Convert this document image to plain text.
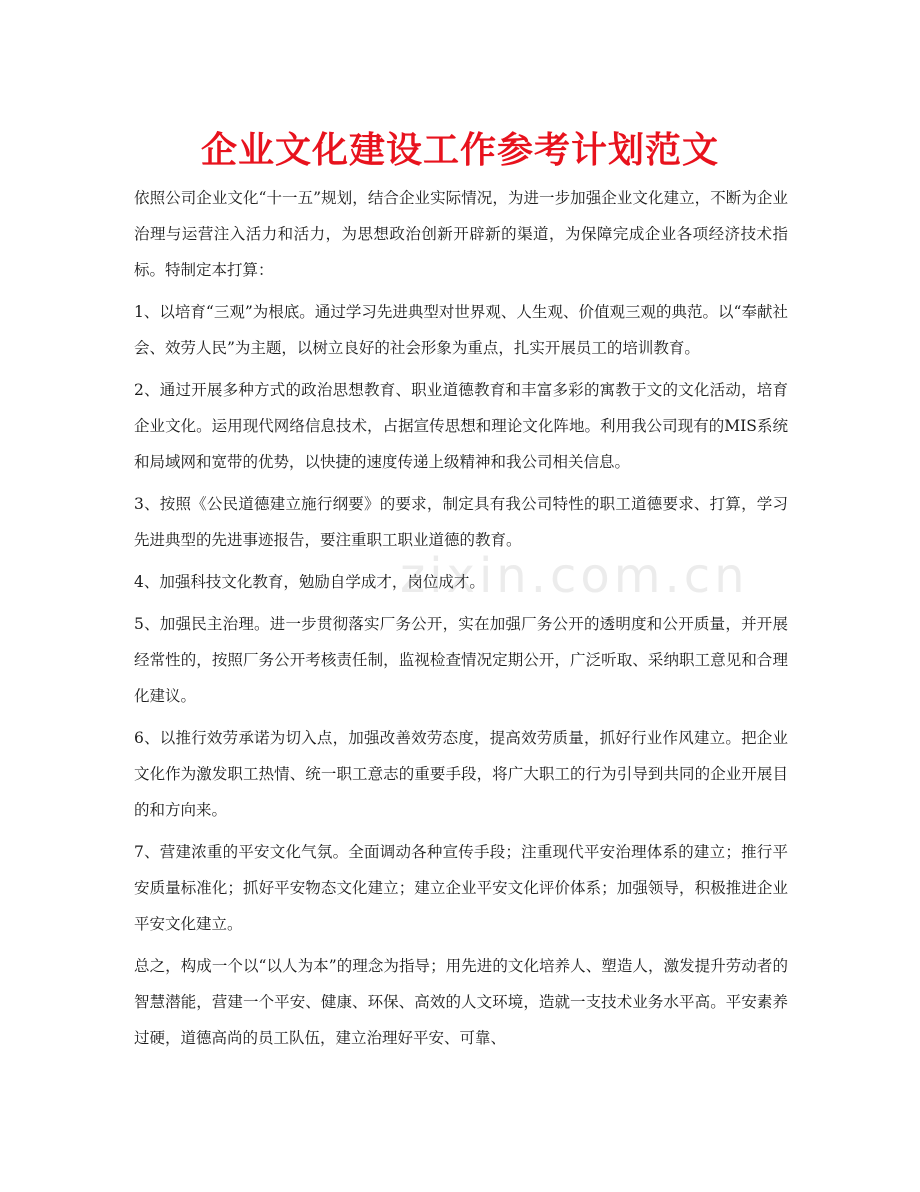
企业文化建设工作参考计划范文

依照公司企业文化“十一五”规划，结合企业实际情况，为进一步加强企业文化建立，不断为企业治理与运营注入活力和活力，为思想政治创新开辟新的渠道，为保障完成企业各项经济技术指标。特制定本打算：

1、以培育“三观”为根底。通过学习先进典型对世界观、人生观、价值观三观的典范。以“奉献社会、效劳人民”为主题，以树立良好的社会形象为重点，扎实开展员工的培训教育。

2、通过开展多种方式的政治思想教育、职业道德教育和丰富多彩的寓教于文的文化活动，培育企业文化。运用现代网络信息技术，占据宣传思想和理论文化阵地。利用我公司现有的MIS系统和局域网和宽带的优势，以快捷的速度传递上级精神和我公司相关信息。

3、按照《公民道德建立施行纲要》的要求，制定具有我公司特性的职工道德要求、打算，学习先进典型的先进事迹报告，要注重职工职业道德的教育。

4、加强科技文化教育，勉励自学成才，岗位成才。

5、加强民主治理。进一步贯彻落实厂务公开，实在加强厂务公开的透明度和公开质量，并开展经常性的，按照厂务公开考核责任制，监视检查情况定期公开，广泛听取、采纳职工意见和合理化建议。

6、以推行效劳承诺为切入点，加强改善效劳态度，提高效劳质量，抓好行业作风建立。把企业文化作为激发职工热情、统一职工意志的重要手段，将广大职工的行为引导到共同的企业开展目的和方向来。

7、营建浓重的平安文化气氛。全面调动各种宣传手段；注重现代平安治理体系的建立；推行平安质量标准化；抓好平安物态文化建立；建立企业平安文化评价体系；加强领导，积极推进企业平安文化建立。

总之，构成一个以“以人为本”的理念为指导；用先进的文化培养人、塑造人，激发提升劳动者的智慧潜能，营建一个平安、健康、环保、高效的人文环境，造就一支技术业务水平高。平安素养过硬，道德高尚的员工队伍，建立治理好平安、可靠、

zixin.com.cn
